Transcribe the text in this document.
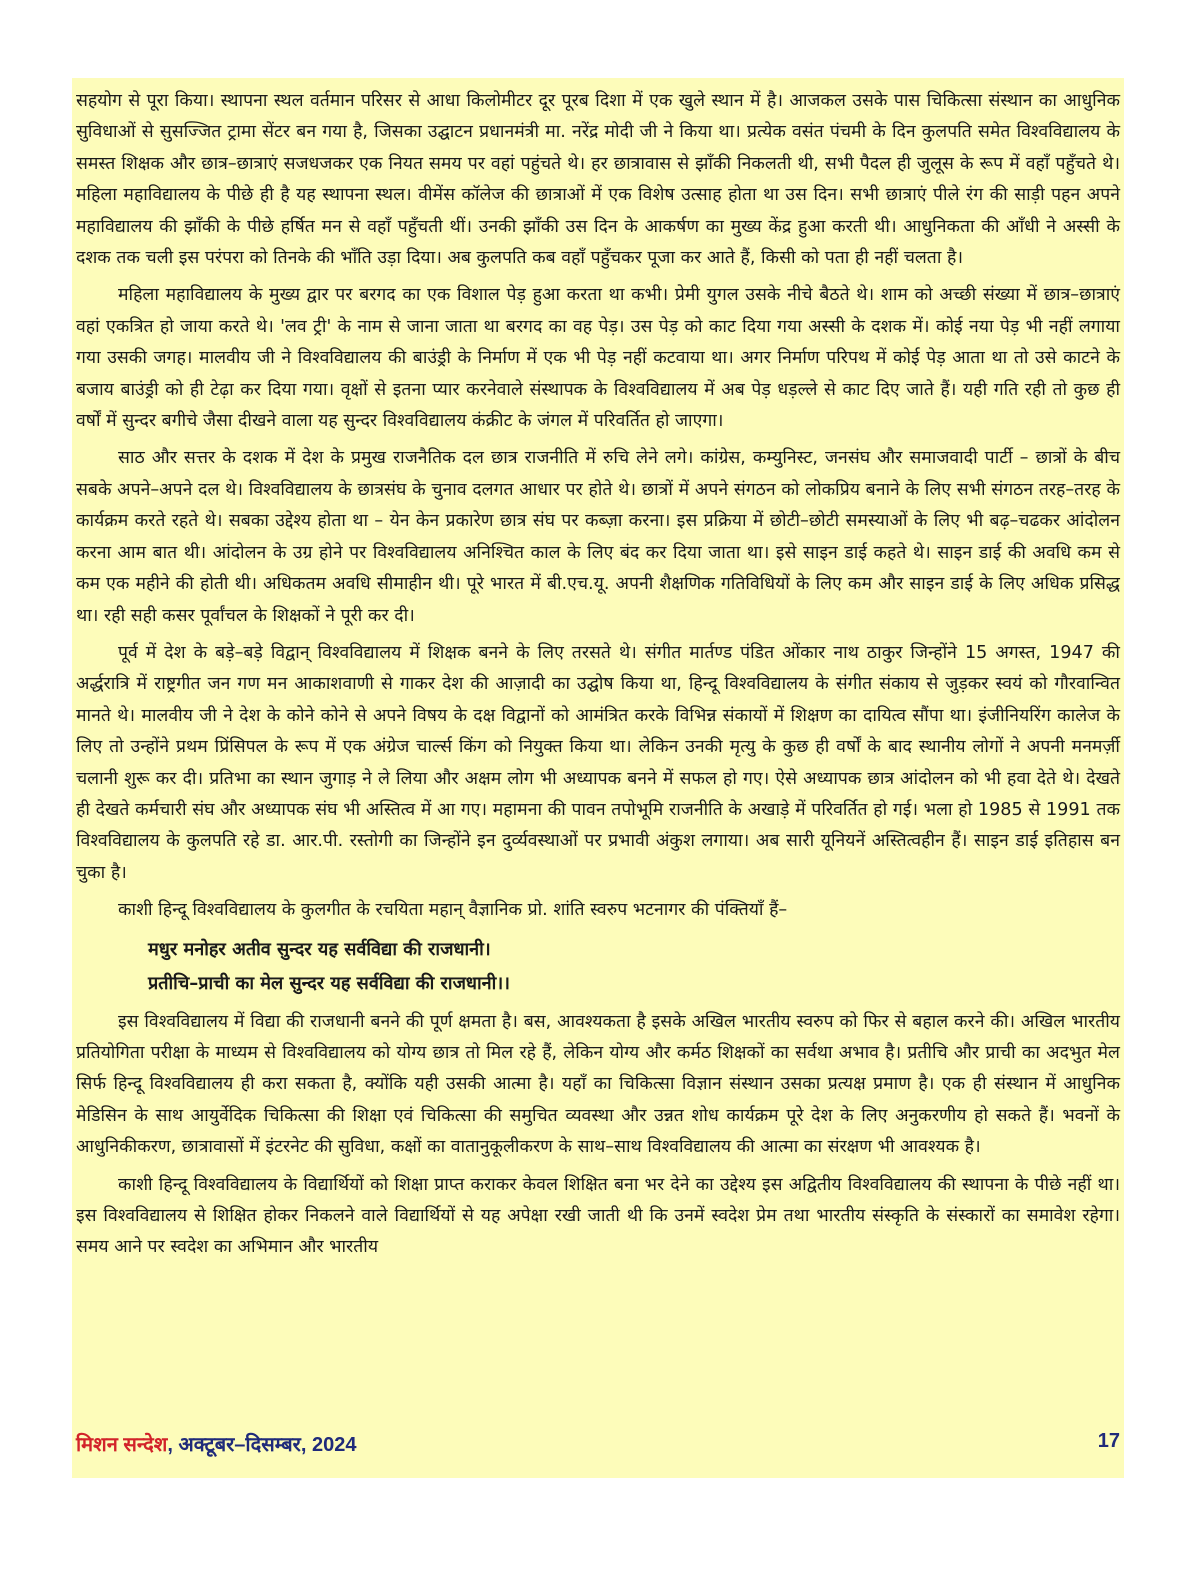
सहयोग से पूरा किया। स्थापना स्थल वर्तमान परिसर से आधा किलोमीटर दूर पूरब दिशा में एक खुले स्थान में है। आजकल उसके पास चिकित्सा संस्थान का आधुनिक सुविधाओं से सुसज्जित ट्रामा सेंटर बन गया है, जिसका उद्घाटन प्रधानमंत्री मा. नरेंद्र मोदी जी ने किया था। प्रत्येक वसंत पंचमी के दिन कुलपति समेत विश्वविद्यालय के समस्त शिक्षक और छात्र–छात्राएं सजधजकर एक नियत समय पर वहां पहुंचते थे। हर छात्रावास से झाँकी निकलती थी, सभी पैदल ही जुलूस के रूप में वहाँ पहुँचते थे। महिला महाविद्यालय के पीछे ही है यह स्थापना स्थल। वीमेंस कॉलेज की छात्राओं में एक विशेष उत्साह होता था उस दिन। सभी छात्राएं पीले रंग की साड़ी पहन अपने महाविद्यालय की झाँकी के पीछे हर्षित मन से वहाँ पहुँचती थीं। उनकी झाँकी उस दिन के आकर्षण का मुख्य केंद्र हुआ करती थी। आधुनिकता की आँधी ने अस्सी के दशक तक चली इस परंपरा को तिनके की भाँति उड़ा दिया। अब कुलपति कब वहाँ पहुँचकर पूजा कर आते हैं, किसी को पता ही नहीं चलता है।

महिला महाविद्यालय के मुख्य द्वार पर बरगद का एक विशाल पेड़ हुआ करता था कभी। प्रेमी युगल उसके नीचे बैठते थे। शाम को अच्छी संख्या में छात्र–छात्राएं वहां एकत्रित हो जाया करते थे। 'लव ट्री' के नाम से जाना जाता था बरगद का वह पेड़। उस पेड़ को काट दिया गया अस्सी के दशक में। कोई नया पेड़ भी नहीं लगाया गया उसकी जगह। मालवीय जी ने विश्वविद्यालय की बाउंड्री के निर्माण में एक भी पेड़ नहीं कटवाया था। अगर निर्माण परिपथ में कोई पेड़ आता था तो उसे काटने के बजाय बाउंड्री को ही टेढ़ा कर दिया गया। वृक्षों से इतना प्यार करनेवाले संस्थापक के विश्वविद्यालय में अब पेड़ धड़ल्ले से काट दिए जाते हैं। यही गति रही तो कुछ ही वर्षों में सुन्दर बगीचे जैसा दीखने वाला यह सुन्दर विश्वविद्यालय कंक्रीट के जंगल में परिवर्तित हो जाएगा।

साठ और सत्तर के दशक में देश के प्रमुख राजनैतिक दल छात्र राजनीति में रुचि लेने लगे। कांग्रेस, कम्युनिस्ट, जनसंघ और समाजवादी पार्टी – छात्रों के बीच सबके अपने–अपने दल थे। विश्वविद्यालय के छात्रसंघ के चुनाव दलगत आधार पर होते थे। छात्रों में अपने संगठन को लोकप्रिय बनाने के लिए सभी संगठन तरह–तरह के कार्यक्रम करते रहते थे। सबका उद्देश्य होता था – येन केन प्रकारेण छात्र संघ पर कब्ज़ा करना। इस प्रक्रिया में छोटी–छोटी समस्याओं के लिए भी बढ़–चढकर आंदोलन करना आम बात थी। आंदोलन के उग्र होने पर विश्वविद्यालय अनिश्चित काल के लिए बंद कर दिया जाता था। इसे साइन डाई कहते थे। साइन डाई की अवधि कम से कम एक महीने की होती थी। अधिकतम अवधि सीमाहीन थी। पूरे भारत में बी.एच.यू. अपनी शैक्षणिक गतिविधियों के लिए कम और साइन डाई के लिए अधिक प्रसिद्ध था। रही सही कसर पूर्वांचल के शिक्षकों ने पूरी कर दी।

पूर्व में देश के बड़े–बड़े विद्वान् विश्वविद्यालय में शिक्षक बनने के लिए तरसते थे। संगीत मार्तण्ड पंडित ओंकार नाथ ठाकुर जिन्होंने 15 अगस्त, 1947 की अर्द्धरात्रि में राष्ट्रगीत जन गण मन आकाशवाणी से गाकर देश की आज़ादी का उद्घोष किया था, हिन्दू विश्वविद्यालय के संगीत संकाय से जुड़कर स्वयं को गौरवान्वित मानते थे। मालवीय जी ने देश के कोने कोने से अपने विषय के दक्ष विद्वानों को आमंत्रित करके विभिन्न संकायों में शिक्षण का दायित्व सौंपा था। इंजीनियरिंग कालेज के लिए तो उन्होंने प्रथम प्रिंसिपल के रूप में एक अंग्रेज चार्ल्स किंग को नियुक्त किया था। लेकिन उनकी मृत्यु के कुछ ही वर्षों के बाद स्थानीय लोगों ने अपनी मनमर्ज़ी चलानी शुरू कर दी। प्रतिभा का स्थान जुगाड़ ने ले लिया और अक्षम लोग भी अध्यापक बनने में सफल हो गए। ऐसे अध्यापक छात्र आंदोलन को भी हवा देते थे। देखते ही देखते कर्मचारी संघ और अध्यापक संघ भी अस्तित्व में आ गए। महामना की पावन तपोभूमि राजनीति के अखाड़े में परिवर्तित हो गई। भला हो 1985 से 1991 तक विश्वविद्यालय के कुलपति रहे डा. आर.पी. रस्तोगी का जिन्होंने इन दुर्व्यवस्थाओं पर प्रभावी अंकुश लगाया। अब सारी यूनियनें अस्तित्वहीन हैं। साइन डाई इतिहास बन चुका है।

काशी हिन्दू विश्वविद्यालय के कुलगीत के रचयिता महान् वैज्ञानिक प्रो. शांति स्वरुप भटनागर की पंक्तियाँ हैं–

मधुर मनोहर अतीव सुन्दर यह सर्वविद्या की राजधानी।

प्रतीचि–प्राची का मेल सुन्दर यह सर्वविद्या की राजधानी।।

इस विश्वविद्यालय में विद्या की राजधानी बनने की पूर्ण क्षमता है। बस, आवश्यकता है इसके अखिल भारतीय स्वरुप को फिर से बहाल करने की। अखिल भारतीय प्रतियोगिता परीक्षा के माध्यम से विश्वविद्यालय को योग्य छात्र तो मिल रहे हैं, लेकिन योग्य और कर्मठ शिक्षकों का सर्वथा अभाव है। प्रतीचि और प्राची का अदभुत मेल सिर्फ हिन्दू विश्वविद्यालय ही करा सकता है, क्योंकि यही उसकी आत्मा है। यहाँ का चिकित्सा विज्ञान संस्थान उसका प्रत्यक्ष प्रमाण है। एक ही संस्थान में आधुनिक मेडिसिन के साथ आयुर्वेदिक चिकित्सा की शिक्षा एवं चिकित्सा की समुचित व्यवस्था और उन्नत शोध कार्यक्रम पूरे देश के लिए अनुकरणीय हो सकते हैं। भवनों के आधुनिकीकरण, छात्रावासों में इंटरनेट की सुविधा, कक्षों का वातानुकूलीकरण के साथ–साथ विश्वविद्यालय की आत्मा का संरक्षण भी आवश्यक है।

काशी हिन्दू विश्वविद्यालय के विद्यार्थियों को शिक्षा प्राप्त कराकर केवल शिक्षित बना भर देने का उद्देश्य इस अद्वितीय विश्वविद्यालय की स्थापना के पीछे नहीं था। इस विश्वविद्यालय से शिक्षित होकर निकलने वाले विद्यार्थियों से यह अपेक्षा रखी जाती थी कि उनमें स्वदेश प्रेम तथा भारतीय संस्कृति के संस्कारों का समावेश रहेगा। समय आने पर स्वदेश का अभिमान और भारतीय

मिशन सन्देश, अक्टूबर–दिसम्बर, 2024	17
